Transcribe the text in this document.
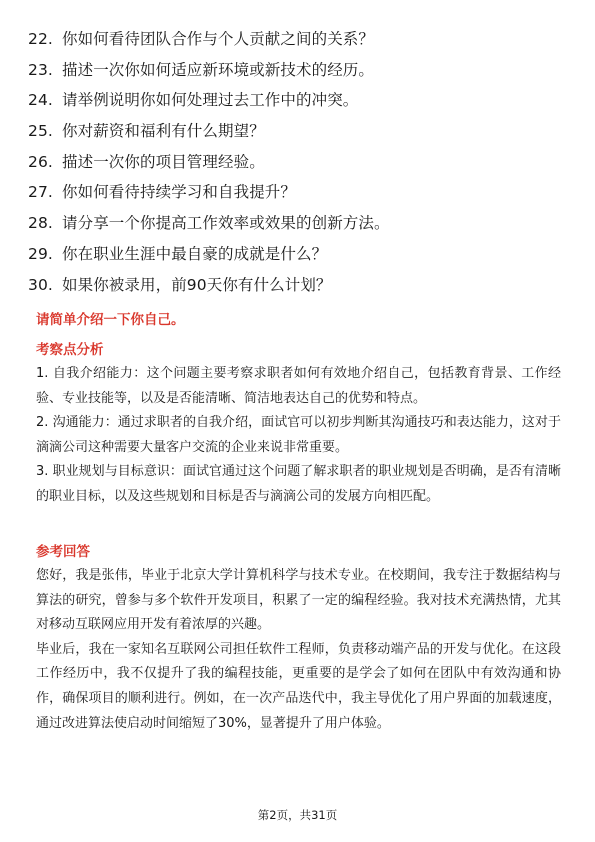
22. 你如何看待团队合作与个人贡献之间的关系？
23. 描述一次你如何适应新环境或新技术的经历。
24. 请举例说明你如何处理过去工作中的冲突。
25. 你对薪资和福利有什么期望？
26. 描述一次你的项目管理经验。
27. 你如何看待持续学习和自我提升？
28. 请分享一个你提高工作效率或效果的创新方法。
29. 你在职业生涯中最自豪的成就是什么？
30. 如果你被录用，前90天你有什么计划？
请简单介绍一下你自己。
考察点分析

1. 自我介绍能力：这个问题主要考察求职者如何有效地介绍自己，包括教育背景、工作经验、专业技能等，以及是否能清晰、简洁地表达自己的优势和特点。

2. 沟通能力：通过求职者的自我介绍，面试官可以初步判断其沟通技巧和表达能力，这对于滴滴公司这种需要大量客户交流的企业来说非常重要。

3. 职业规划与目标意识：面试官通过这个问题了解求职者的职业规划是否明确，是否有清晰的职业目标，以及这些规划和目标是否与滴滴公司的发展方向相匹配。

参考回答

您好，我是张伟，毕业于北京大学计算机科学与技术专业。在校期间，我专注于数据结构与算法的研究，曾参与多个软件开发项目，积累了一定的编程经验。我对技术充满热情，尤其对移动互联网应用开发有着浓厚的兴趣。

毕业后，我在一家知名互联网公司担任软件工程师，负责移动端产品的开发与优化。在这段工作经历中，我不仅提升了我的编程技能，更重要的是学会了如何在团队中有效沟通和协作，确保项目的顺利进行。例如，在一次产品迭代中，我主导优化了用户界面的加载速度，通过改进算法使启动时间缩短了30%，显著提升了用户体验。

第2页，共31页
